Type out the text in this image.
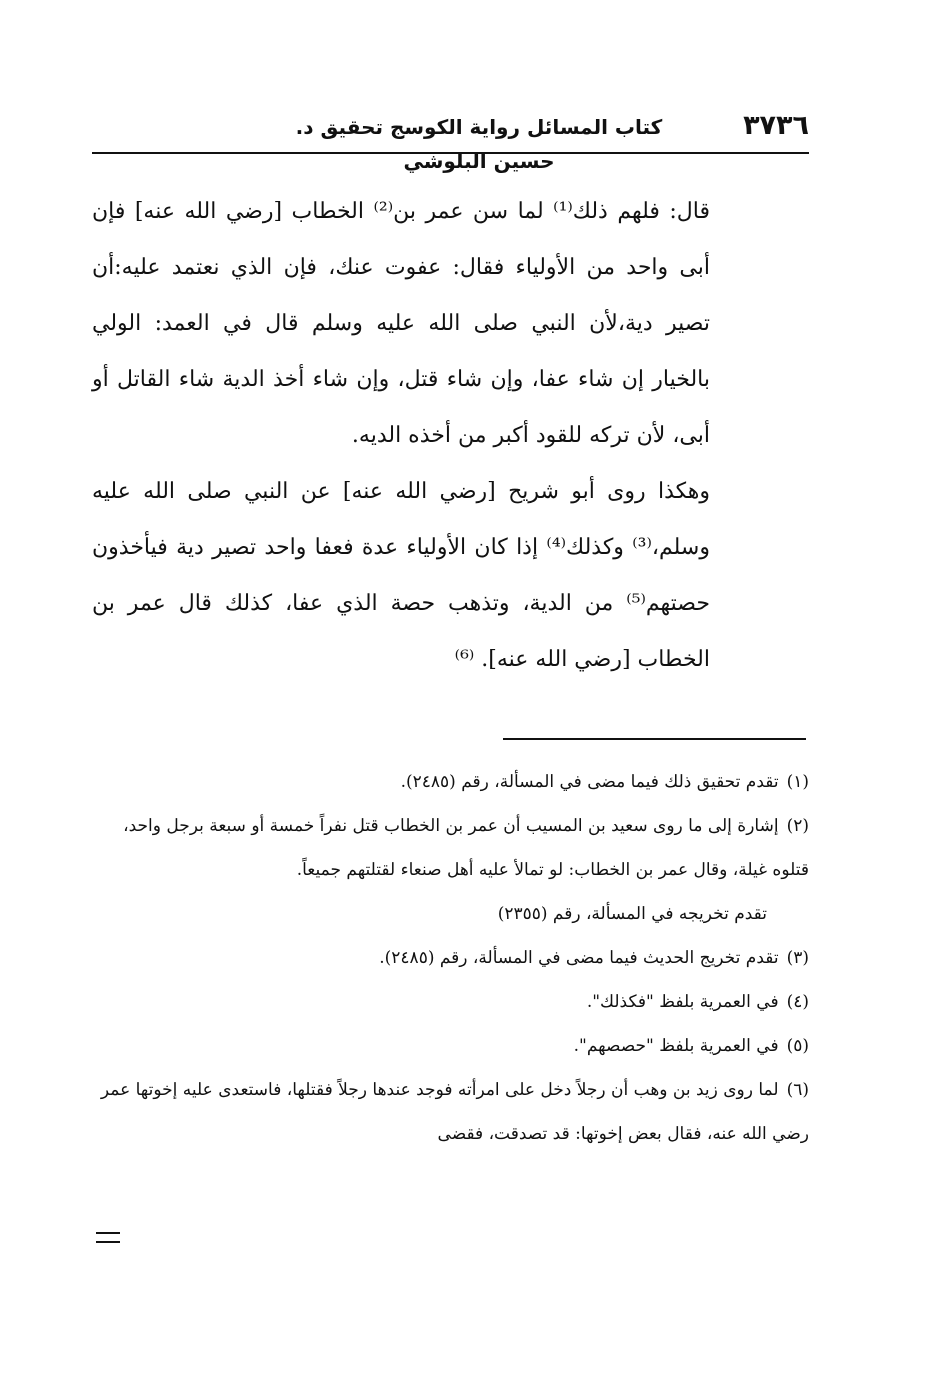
٣٧٣٦
كتاب المسائل رواية الكوسج تحقيق د. حسين البلوشي

قال: فلهم ذلك⁽¹⁾ لما سن عمر بن⁽²⁾ الخطاب [رضي الله عنه] فإن أبى واحد من الأولياء فقال: عفوت عنك، فإن الذي نعتمد عليه:أن تصير دية،لأن النبي صلى الله عليه وسلم قال في العمد: الولي بالخيار إن شاء عفا، وإن شاء قتل، وإن شاء أخذ الدية شاء القاتل أو أبى، لأن تركه للقود أكبر من أخذه الديه.

وهكذا روى أبو شريح [رضي الله عنه] عن النبي صلى الله عليه وسلم،⁽³⁾ وكذلك⁽⁴⁾ إذا كان الأولياء عدة فعفا واحد تصير دية فيأخذون حصتهم⁽⁵⁾ من الدية، وتذهب حصة الذي عفا، كذلك قال عمر بن الخطاب [رضي الله عنه]. ⁽⁶⁾

(١)تقدم تحقيق ذلك فيما مضى في المسألة، رقم (٢٤٨٥).

(٢)إشارة إلى ما روى سعيد بن المسيب أن عمر بن الخطاب قتل نفراً خمسة أو سبعة برجل واحد، قتلوه غيلة، وقال عمر بن الخطاب: لو تمالأ عليه أهل صنعاء لقتلتهم جميعاً.

تقدم تخريجه في المسألة، رقم (٢٣٥٥)

(٣)تقدم تخريج الحديث فيما مضى في المسألة، رقم (٢٤٨٥).

(٤)في العمرية بلفظ "فكذلك".

(٥)في العمرية بلفظ "حصصهم".

(٦)لما روى زيد بن وهب أن رجلاً دخل على امرأته فوجد عندها رجلاً فقتلها، فاستعدى عليه إخوتها عمر رضي الله عنه، فقال بعض إخوتها: قد تصدقت، فقضى
